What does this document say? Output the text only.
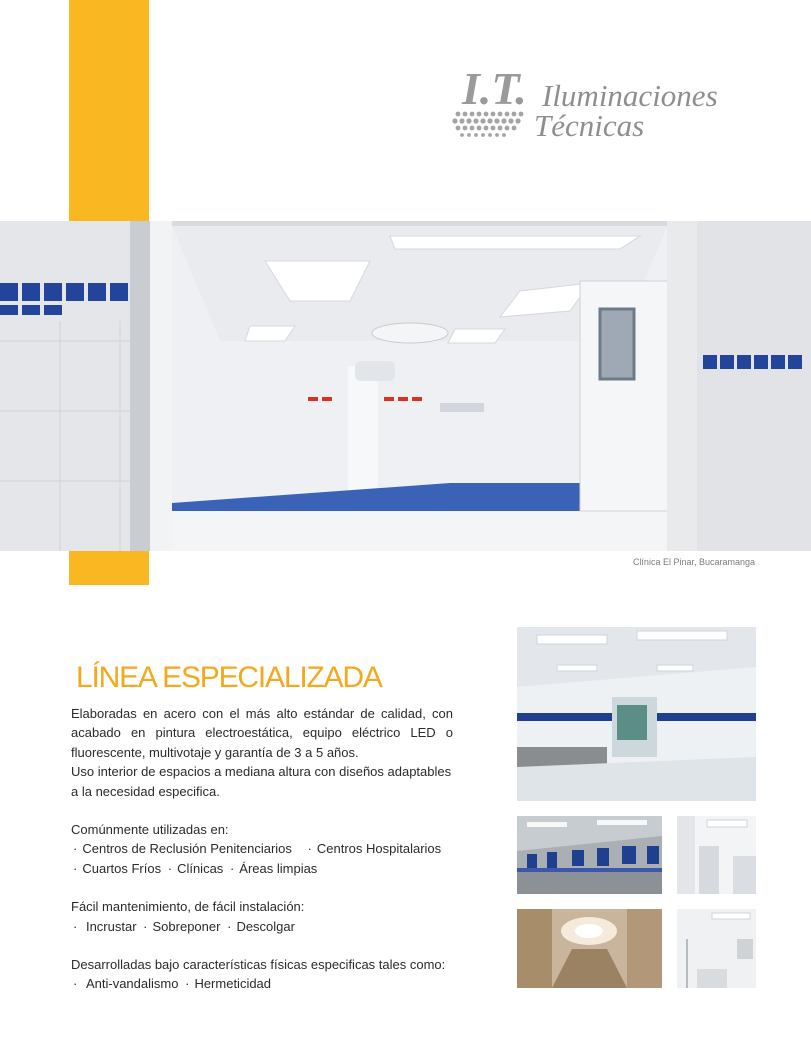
I.T. Iluminaciones
Técnicas
Clínica El Pinar, Bucaramanga
LÍNEA ESPECIALIZADA

Elaboradas en acero con el más alto estándar de calidad, con acabado en pintura electroestática, equipo eléctrico LED o fluorescente, multivotaje y garantía de 3 a 5 años.

Uso interior de espacios a mediana altura con diseños adaptables a la necesidad especifica.

Comúnmente utilizadas en:

· Centros de Reclusión Penitenciarios · Centros Hospitalarios

· Cuartos Fríos · Clínicas · Áreas limpias

Fácil mantenimiento, de fácil instalación:

· Incrustar · Sobreponer · Descolgar

Desarrolladas bajo características físicas especificas tales como:

· Anti-vandalismo · Hermeticidad
